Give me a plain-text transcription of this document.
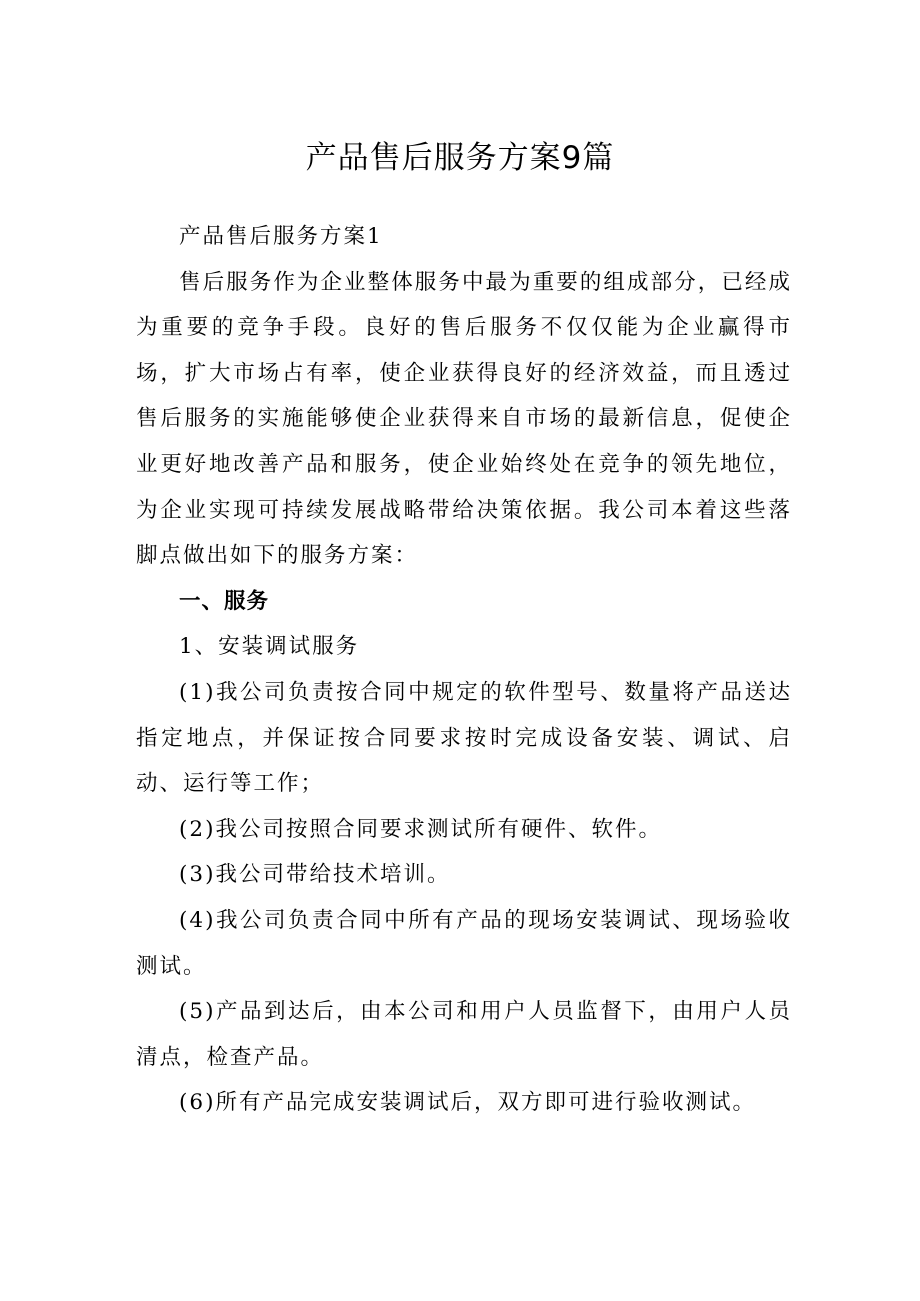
产品售后服务方案9篇

产品售后服务方案1

售后服务作为企业整体服务中最为重要的组成部分，已经成为重要的竞争手段。良好的售后服务不仅仅能为企业赢得市场，扩大市场占有率，使企业获得良好的经济效益，而且透过售后服务的实施能够使企业获得来自市场的最新信息，促使企业更好地改善产品和服务，使企业始终处在竞争的领先地位，为企业实现可持续发展战略带给决策依据。我公司本着这些落脚点做出如下的服务方案：

一、服务

1、安装调试服务

(1)我公司负责按合同中规定的软件型号、数量将产品送达指定地点，并保证按合同要求按时完成设备安装、调试、启动、运行等工作；

(2)我公司按照合同要求测试所有硬件、软件。

(3)我公司带给技术培训。

(4)我公司负责合同中所有产品的现场安装调试、现场验收测试。

(5)产品到达后，由本公司和用户人员监督下，由用户人员清点，检查产品。

(6)所有产品完成安装调试后，双方即可进行验收测试。
